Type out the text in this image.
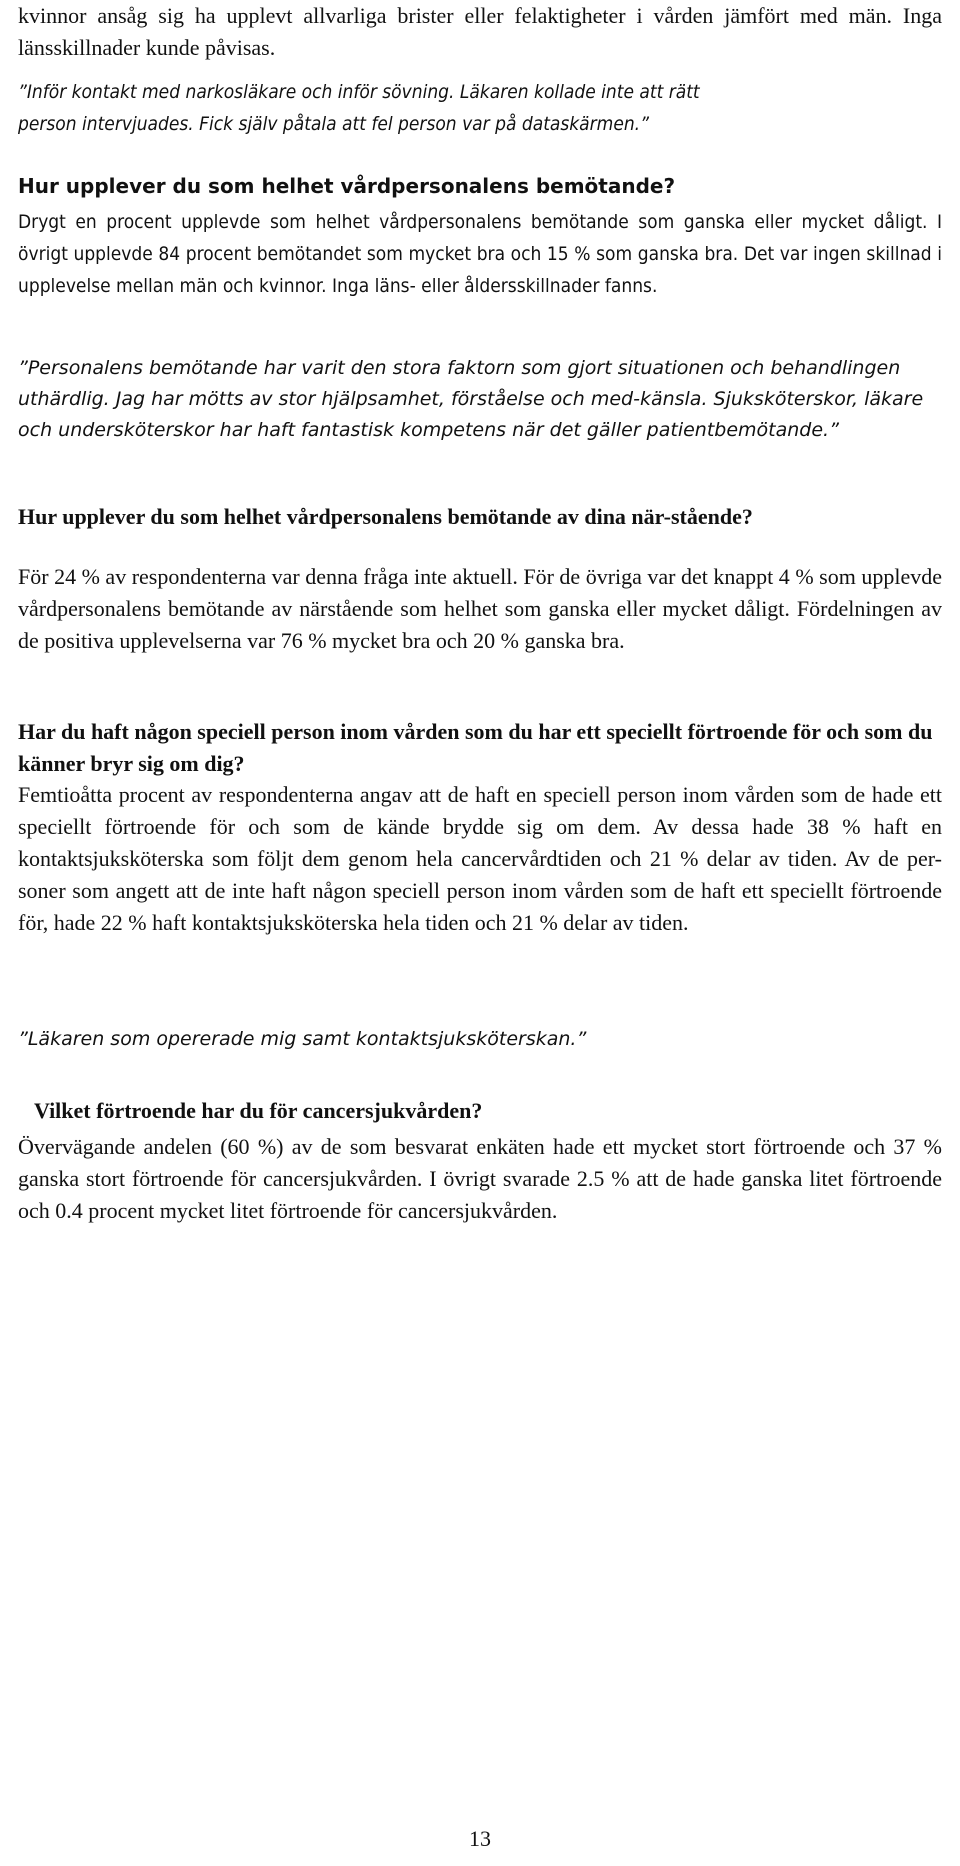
kvinnor ansåg sig ha upplevt allvarliga brister eller felaktigheter i vården jämfört med män. Inga länsskillnader kunde påvisas.

”Inför kontakt med narkosläkare och inför sövning. Läkaren kollade inte att rätt person intervjuades. Fick själv påtala att fel person var på dataskärmen.”

Hur upplever du som helhet vårdpersonalens bemötande?

Drygt en procent upplevde som helhet vårdpersonalens bemötande som ganska eller mycket dåligt. I övrigt upplevde 84 procent bemötandet som mycket bra och 15 % som ganska bra. Det var ingen skillnad i upplevelse mellan män och kvinnor. Inga läns- eller åldersskillnader fanns.

”Personalens bemötande har varit den stora faktorn som gjort situationen och behandlingen uthärdlig. Jag har mötts av stor hjälpsamhet, förståelse och med-känsla. Sjuksköterskor, läkare och undersköterskor har haft fantastisk kompetens när det gäller patientbemötande.”

Hur upplever du som helhet vårdpersonalens bemötande av dina när-stående?

För 24 % av respondenterna var denna fråga inte aktuell. För de övriga var det knappt 4 % som upplevde vårdpersonalens bemötande av närstående som helhet som ganska eller mycket dåligt. Fördelningen av de positiva upplevelserna var 76 % mycket bra och 20 % ganska bra.

Har du haft någon speciell person inom vården som du har ett speciellt förtroende för och som du känner bryr sig om dig?

Femtioåtta procent av respondenterna angav att de haft en speciell person inom vården som de hade ett speciellt förtroende för och som de kände brydde sig om dem. Av dessa hade 38 % haft en kontaktsjuksköterska som följt dem genom hela cancervårdtiden och 21 % delar av tiden. Av de per-soner som angett att de inte haft någon speciell person inom vården som de haft ett speciellt förtroende för, hade 22 % haft kontaktsjuksköterska hela tiden och 21 % delar av tiden.

”Läkaren som opererade mig samt kontaktsjuksköterskan.”

Vilket förtroende har du för cancersjukvården?

Övervägande andelen (60 %) av de som besvarat enkäten hade ett mycket stort förtroende och 37 % ganska stort förtroende för cancersjukvården. I övrigt svarade 2.5 % att de hade ganska litet förtroende och 0.4 procent mycket litet förtroende för cancersjukvården.

13
